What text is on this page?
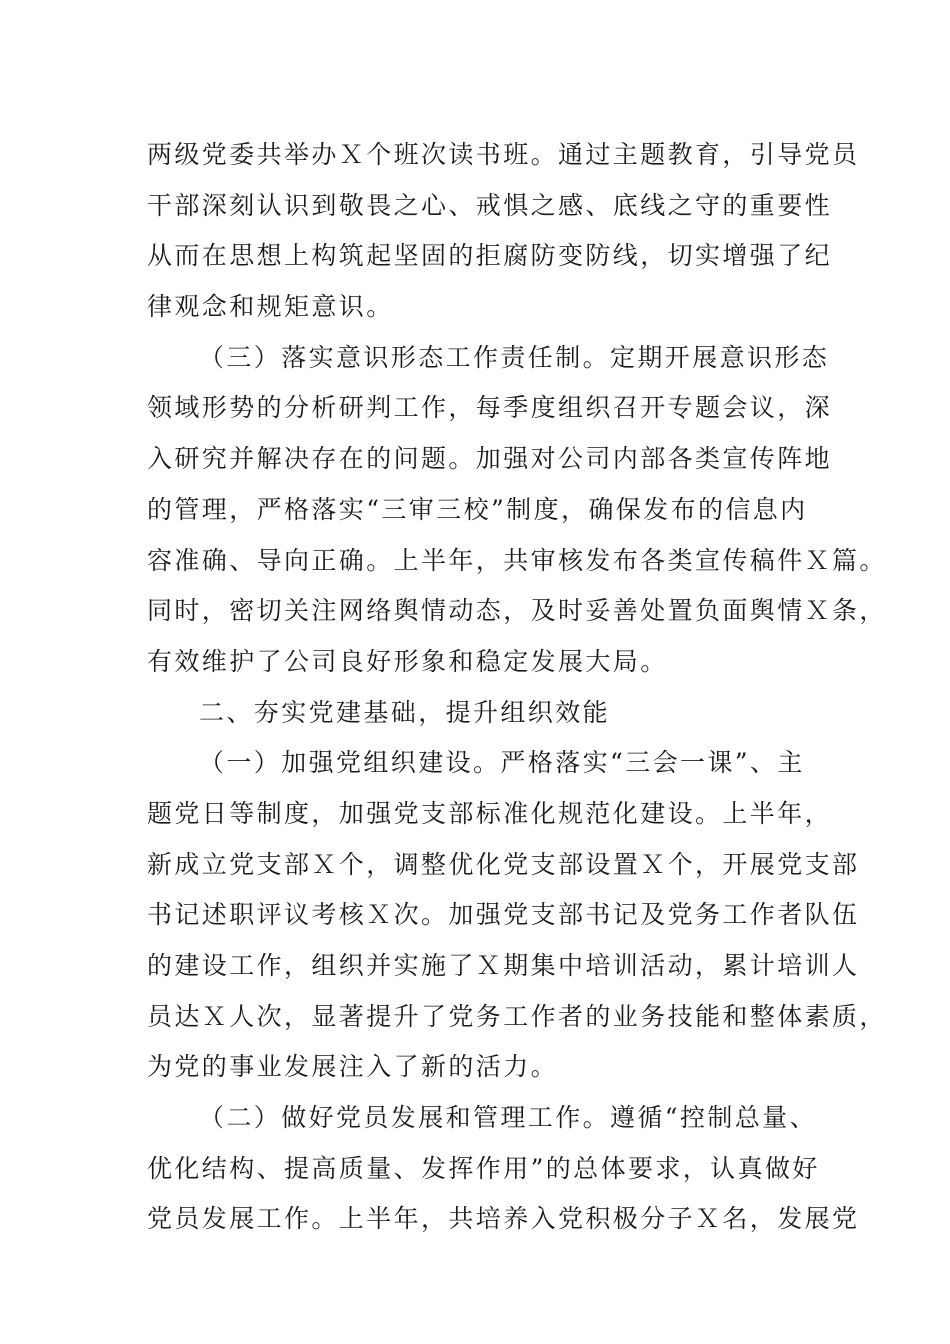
两级党委共举办Ｘ个班次读书班。通过主题教育，引导党员
干部深刻认识到敬畏之心、戒惧之感、底线之守的重要性
从而在思想上构筑起坚固的拒腐防变防线，切实增强了纪
律观念和规矩意识。
（三）落实意识形态工作责任制。定期开展意识形态
领域形势的分析研判工作，每季度组织召开专题会议，深
入研究并解决存在的问题。加强对公司内部各类宣传阵地
的管理，严格落实“三审三校”制度，确保发布的信息内
容准确、导向正确。上半年，共审核发布各类宣传稿件Ｘ篇。
同时，密切关注网络舆情动态，及时妥善处置负面舆情Ｘ条，
有效维护了公司良好形象和稳定发展大局。
二、夯实党建基础，提升组织效能
（一）加强党组织建设。严格落实“三会一课”、主
题党日等制度，加强党支部标准化规范化建设。上半年，
新成立党支部Ｘ个，调整优化党支部设置Ｘ个，开展党支部
书记述职评议考核Ｘ次。加强党支部书记及党务工作者队伍
的建设工作，组织并实施了Ｘ期集中培训活动，累计培训人
员达Ｘ人次，显著提升了党务工作者的业务技能和整体素质，
为党的事业发展注入了新的活力。
（二）做好党员发展和管理工作。遵循“控制总量、
优化结构、提高质量、发挥作用”的总体要求，认真做好
党员发展工作。上半年，共培养入党积极分子Ｘ名，发展党
